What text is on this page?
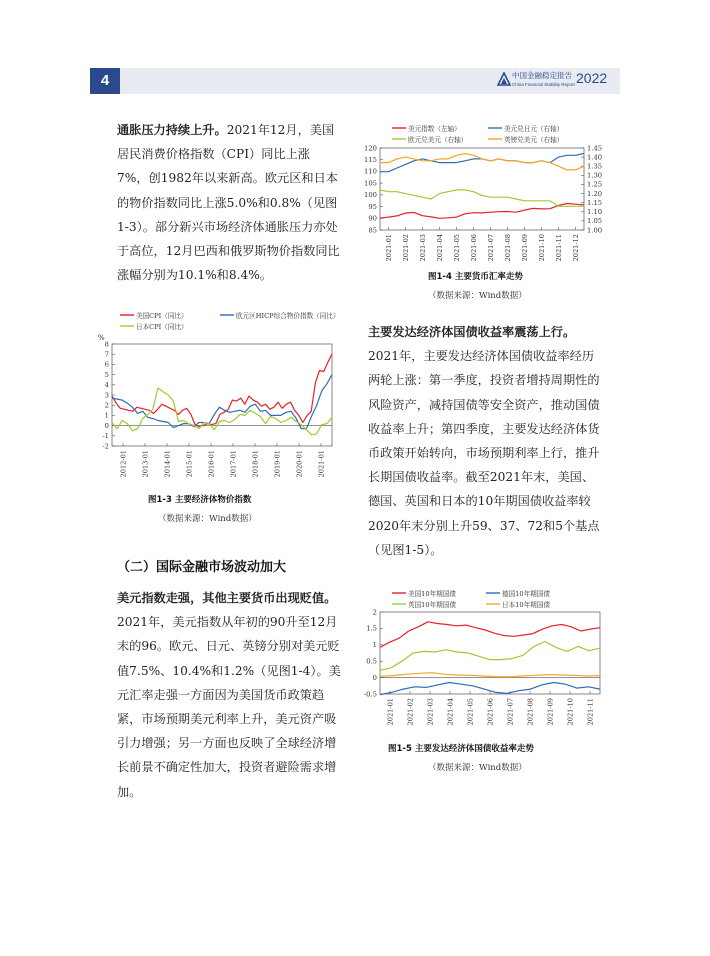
4	中国金融稳定报告
China Financial Stability Report 2022

通胀压力持续上升。2021年12月，美国居民消费价格指数（CPI）同比上涨7%，创1982年以来新高。欧元区和日本的物价指数同比上涨5.0%和0.8%（见图1-3）。部分新兴市场经济体通胀压力亦处于高位，12月巴西和俄罗斯物价指数同比涨幅分别为10.1%和8.4%。

美国CPI（同比）	欧元区HICP综合物价指数（同比）
日本CPI（同比）
%
-2
-1
0
1
2
3
4
5
6
7
8
2012-01 2013-01 2014-01 2015-01 2016-01 2017-01 2018-01 2019-01 2020-01 2021-01
图1-3 主要经济体物价指数
（数据来源：Wind数据）
（二）国际金融市场波动加大

美元指数走强，其他主要货币出现贬值。2021年，美元指数从年初的90升至12月末的96。欧元、日元、英镑分别对美元贬值7.5%、10.4%和1.2%（见图1-4）。美元汇率走强一方面因为美国货币政策趋紧，市场预期美元利率上升，美元资产吸引力增强；另一方面也反映了全球经济增长前景不确定性加大，投资者避险需求增加。

美元指数（左轴）	美元兑日元（右轴）
欧元兑美元（右轴）	英镑兑美元（右轴）
85
90
95
100
105
110
115
120
1.00
1.05
1.10
1.15
1.20
1.25
1.30
1.35
1.40
1.45
2021-01 2021-02 2021-03 2021-04 2021-05 2021-06 2021-07 2021-08 2021-09 2021-10 2021-11 2021-12
图1-4 主要货币汇率走势
（数据来源：Wind数据）

主要发达经济体国债收益率震荡上行。2021年，主要发达经济体国债收益率经历两轮上涨：第一季度，投资者增持周期性的风险资产，减持国债等安全资产，推动国债收益率上升；第四季度，主要发达经济体货币政策开始转向，市场预期利率上行，推升长期国债收益率。截至2021年末，美国、德国、英国和日本的10年期国债收益率较2020年末分别上升59、37、72和5个基点（见图1-5）。

美国10年期国债	德国10年期国债
英国10年期国债	日本10年期国债
-0.5
0
0.5
1
1.5
2
2021-01 2021-02 2021-03 2021-04 2021-05 2021-06 2021-07 2021-08 2021-09 2021-10 2021-11
图1-5 主要发达经济体国债收益率走势
（数据来源：Wind数据）
